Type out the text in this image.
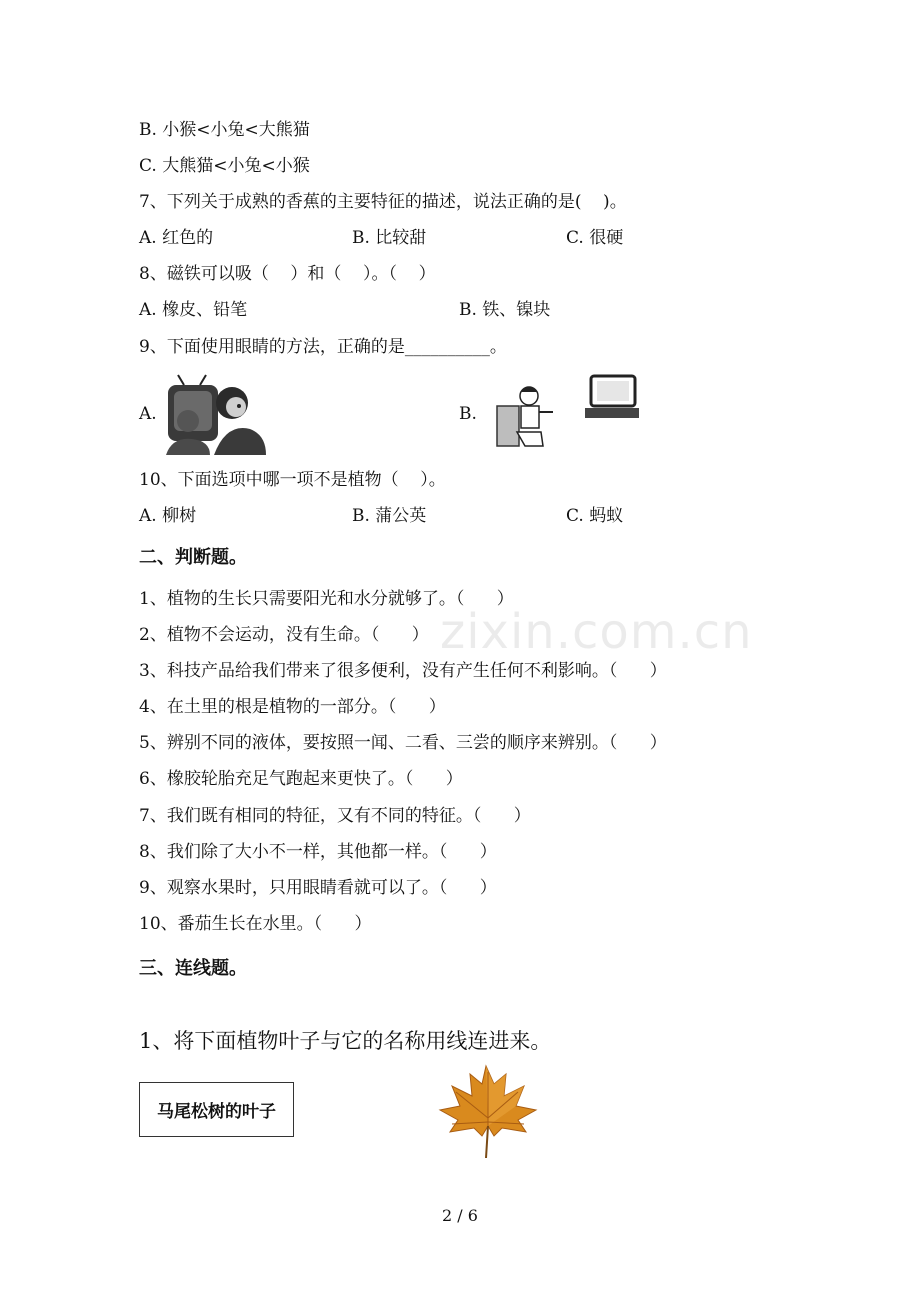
zixin.com.cn
B. 小猴<小兔<大熊猫
C. 大熊猫<小兔<小猴
7、下列关于成熟的香蕉的主要特征的描述，说法正确的是(    )。
A. 红色的	B. 比较甜	C. 很硬
8、磁铁可以吸（    ）和（    ）。（    ）
A. 橡皮、铅笔	B. 铁、镍块
9、下面使用眼睛的方法，正确的是__________。
A.	B.
10、下面选项中哪一项不是植物（    ）。
A. 柳树	B. 蒲公英	C. 蚂蚁
二、判断题。
1、植物的生长只需要阳光和水分就够了。（      ）
2、植物不会运动，没有生命。（      ）
3、科技产品给我们带来了很多便利，没有产生任何不利影响。（      ）
4、在土里的根是植物的一部分。（      ）
5、辨别不同的液体，要按照一闻、二看、三尝的顺序来辨别。（      ）
6、橡胶轮胎充足气跑起来更快了。（      ）
7、我们既有相同的特征，又有不同的特征。（      ）
8、我们除了大小不一样，其他都一样。（      ）
9、观察水果时，只用眼睛看就可以了。（      ）
10、番茄生长在水里。（      ）
三、连线题。
1、将下面植物叶子与它的名称用线连进来。
马尾松树的叶子
2 / 6
